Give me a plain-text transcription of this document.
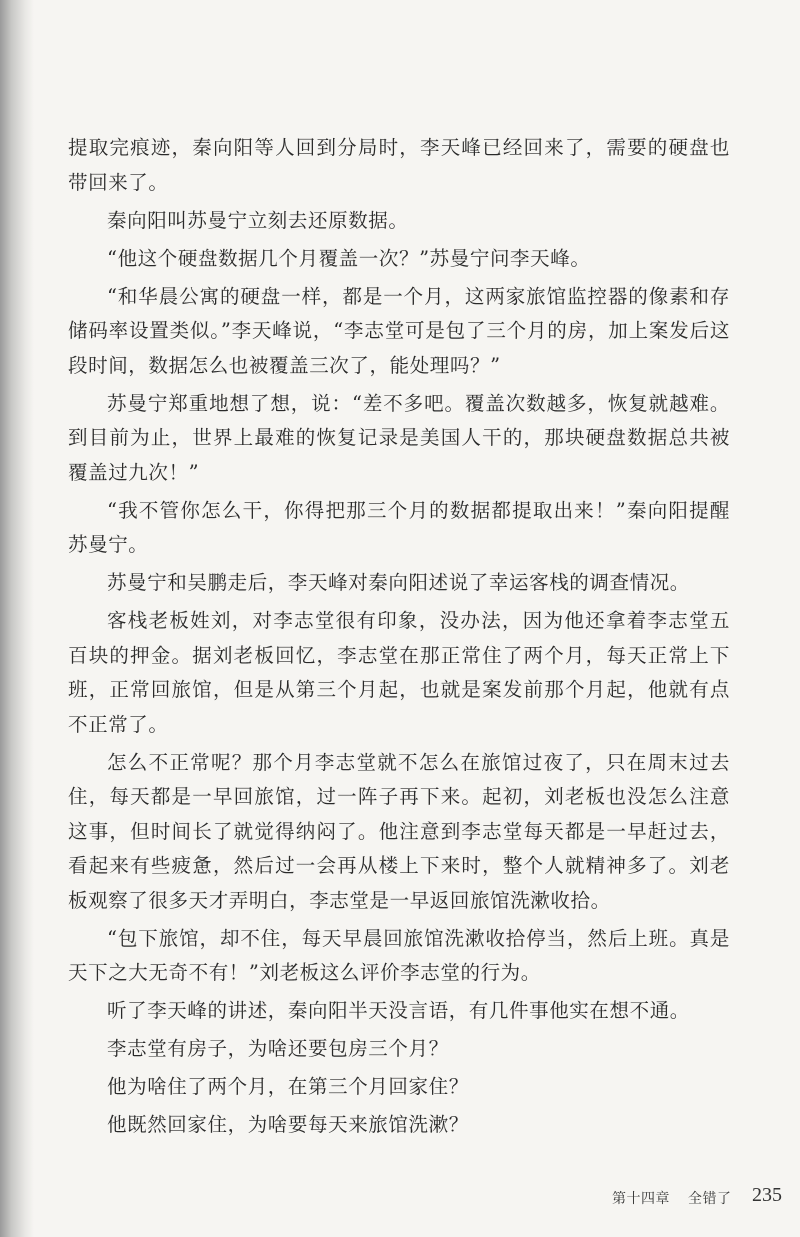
提取完痕迹，秦向阳等人回到分局时，李天峰已经回来了，需要的硬盘也带回来了。

秦向阳叫苏曼宁立刻去还原数据。

“他这个硬盘数据几个月覆盖一次？”苏曼宁问李天峰。

“和华晨公寓的硬盘一样，都是一个月，这两家旅馆监控器的像素和存储码率设置类似。”李天峰说，“李志堂可是包了三个月的房，加上案发后这段时间，数据怎么也被覆盖三次了，能处理吗？”

苏曼宁郑重地想了想，说：“差不多吧。覆盖次数越多，恢复就越难。到目前为止，世界上最难的恢复记录是美国人干的，那块硬盘数据总共被覆盖过九次！”

“我不管你怎么干，你得把那三个月的数据都提取出来！”秦向阳提醒苏曼宁。

苏曼宁和吴鹏走后，李天峰对秦向阳述说了幸运客栈的调查情况。

客栈老板姓刘，对李志堂很有印象，没办法，因为他还拿着李志堂五百块的押金。据刘老板回忆，李志堂在那正常住了两个月，每天正常上下班，正常回旅馆，但是从第三个月起，也就是案发前那个月起，他就有点不正常了。

怎么不正常呢？那个月李志堂就不怎么在旅馆过夜了，只在周末过去住，每天都是一早回旅馆，过一阵子再下来。起初，刘老板也没怎么注意这事，但时间长了就觉得纳闷了。他注意到李志堂每天都是一早赶过去，看起来有些疲惫，然后过一会再从楼上下来时，整个人就精神多了。刘老板观察了很多天才弄明白，李志堂是一早返回旅馆洗漱收拾。

“包下旅馆，却不住，每天早晨回旅馆洗漱收拾停当，然后上班。真是天下之大无奇不有！”刘老板这么评价李志堂的行为。

听了李天峰的讲述，秦向阳半天没言语，有几件事他实在想不通。

李志堂有房子，为啥还要包房三个月？

他为啥住了两个月，在第三个月回家住？

他既然回家住，为啥要每天来旅馆洗漱？

第十四章 全错了 235
